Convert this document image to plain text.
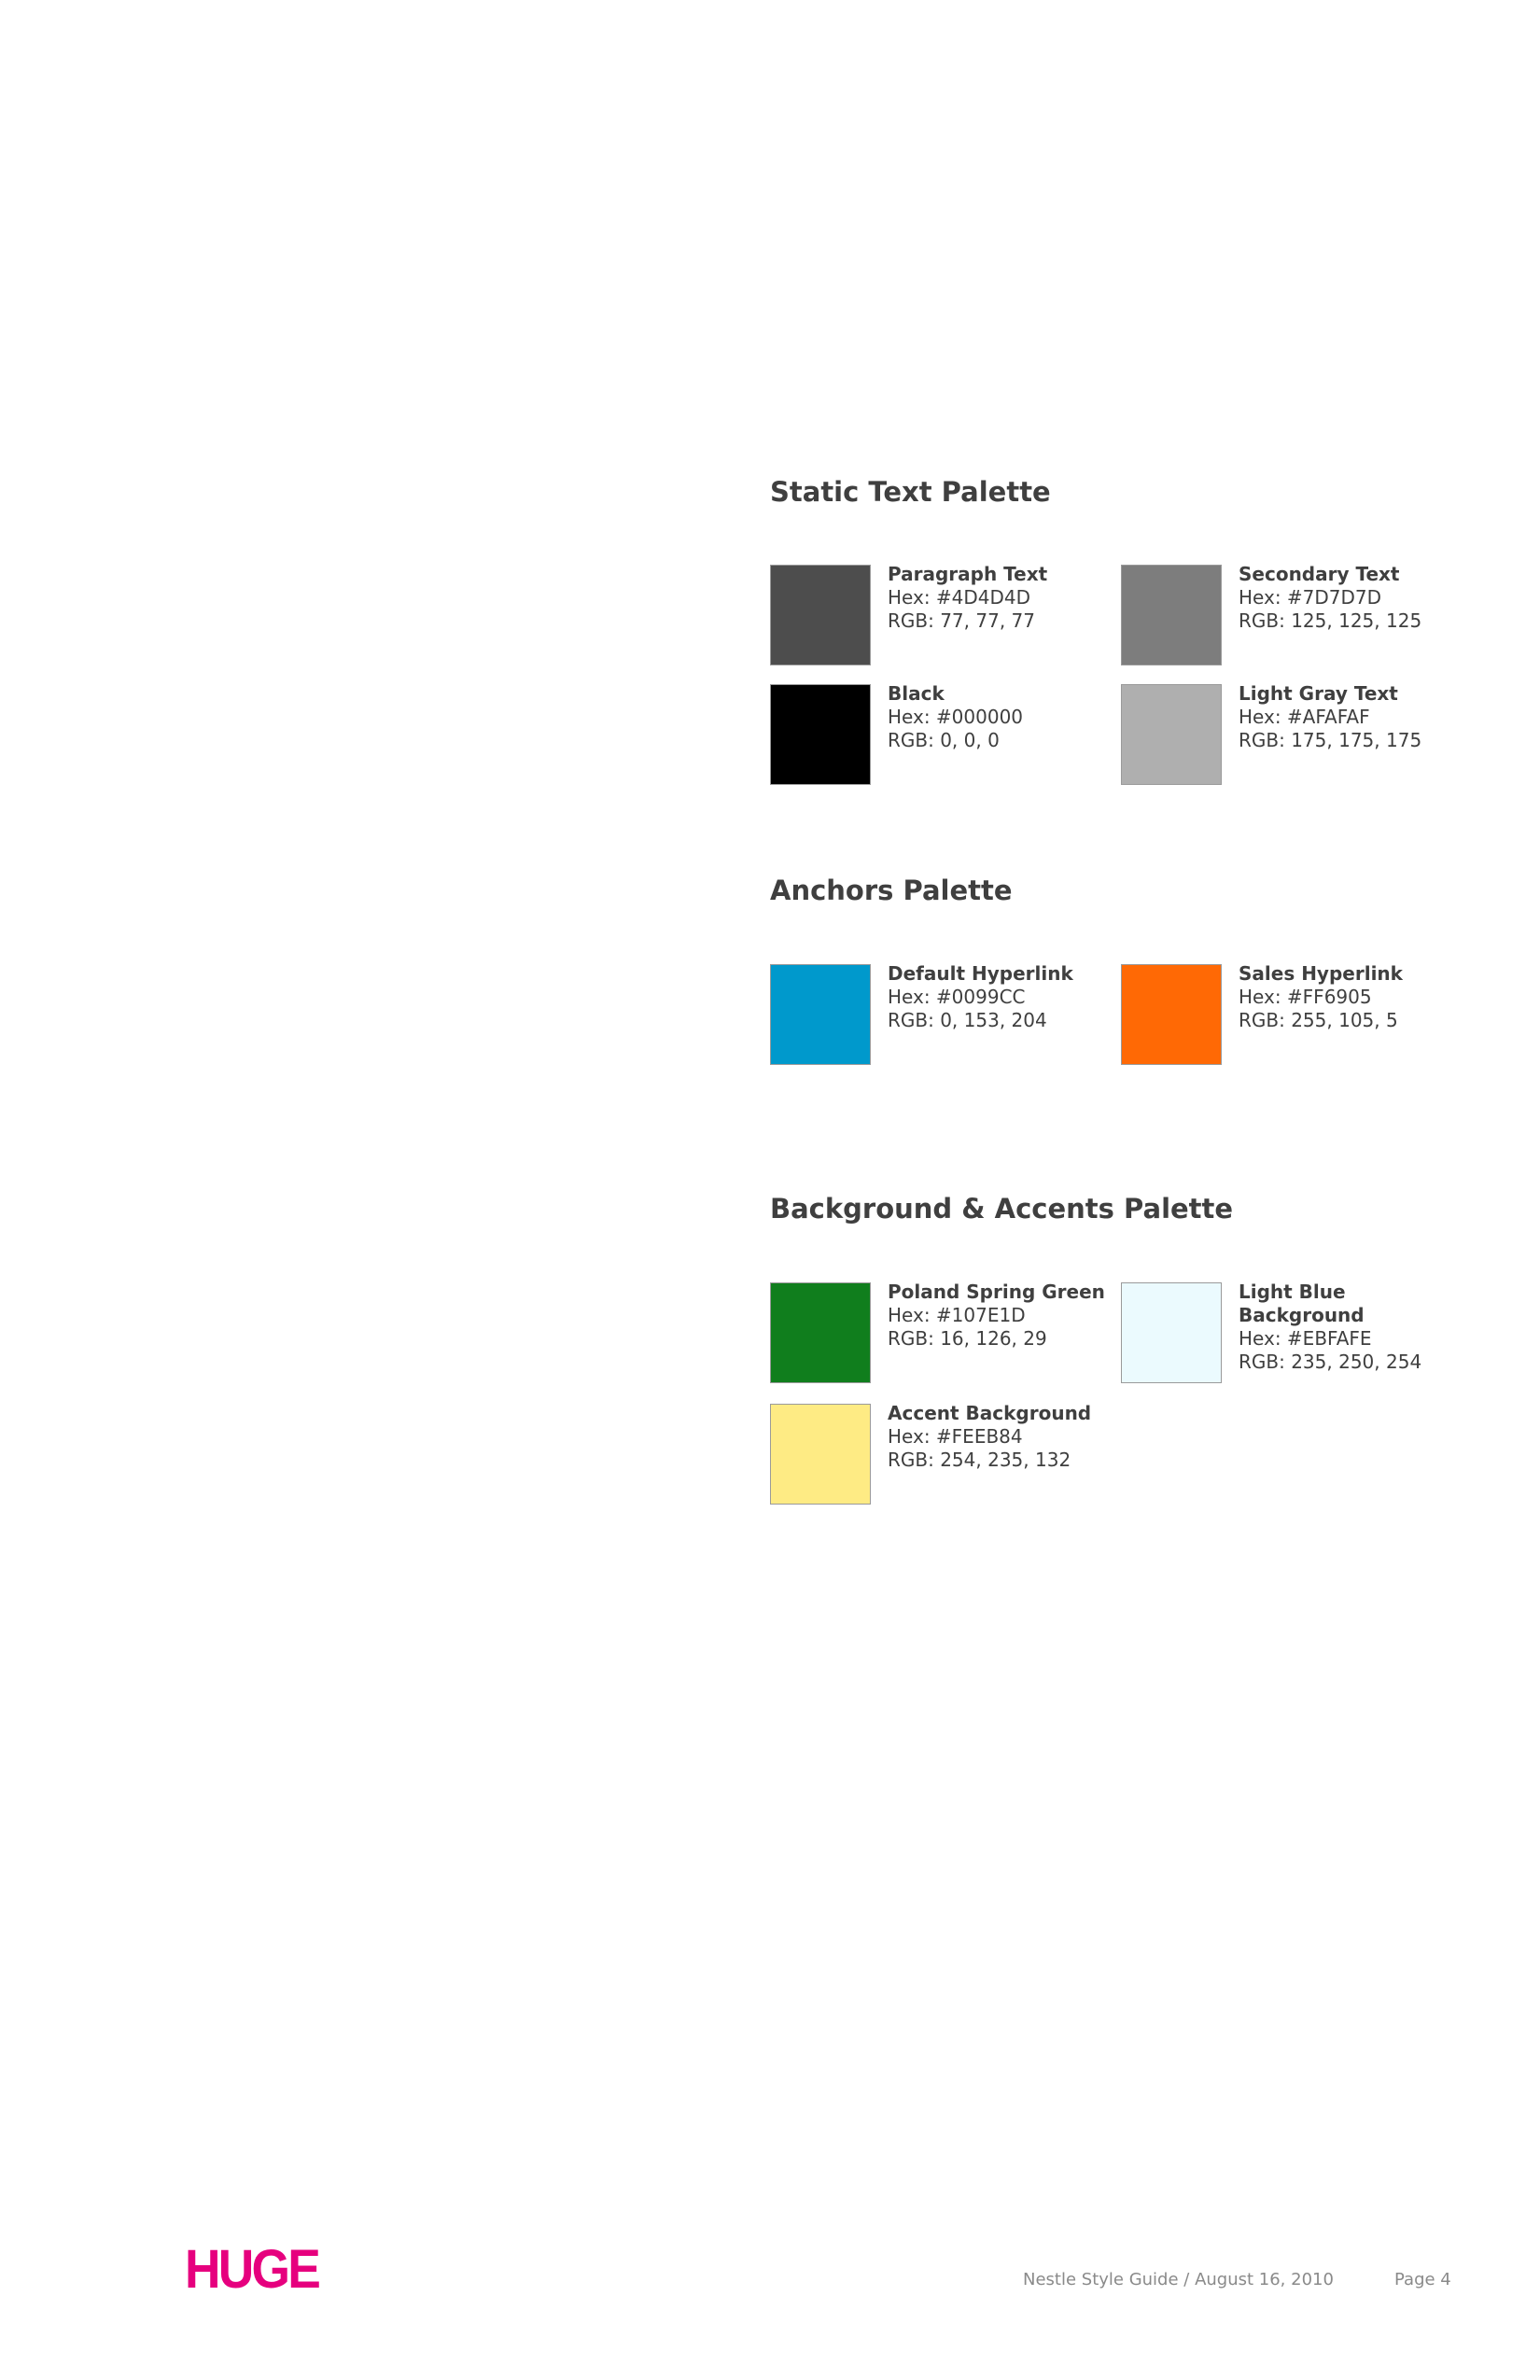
Static Text Palette
Paragraph Text
Hex: #4D4D4D
RGB: 77, 77, 77
Secondary Text
Hex: #7D7D7D
RGB: 125, 125, 125
Black
Hex: #000000
RGB: 0, 0, 0
Light Gray Text
Hex: #AFAFAF
RGB: 175, 175, 175
Anchors Palette
Default Hyperlink
Hex: #0099CC
RGB: 0, 153, 204
Sales Hyperlink
Hex: #FF6905
RGB: 255, 105, 5
Background & Accents Palette
Poland Spring Green
Hex: #107E1D
RGB: 16, 126, 29
Light Blue Background
Hex: #EBFAFE
RGB: 235, 250, 254
Accent Background
Hex: #FEEB84
RGB: 254, 235, 132
HUGE	Nestle Style Guide / August 16, 2010	Page 4
